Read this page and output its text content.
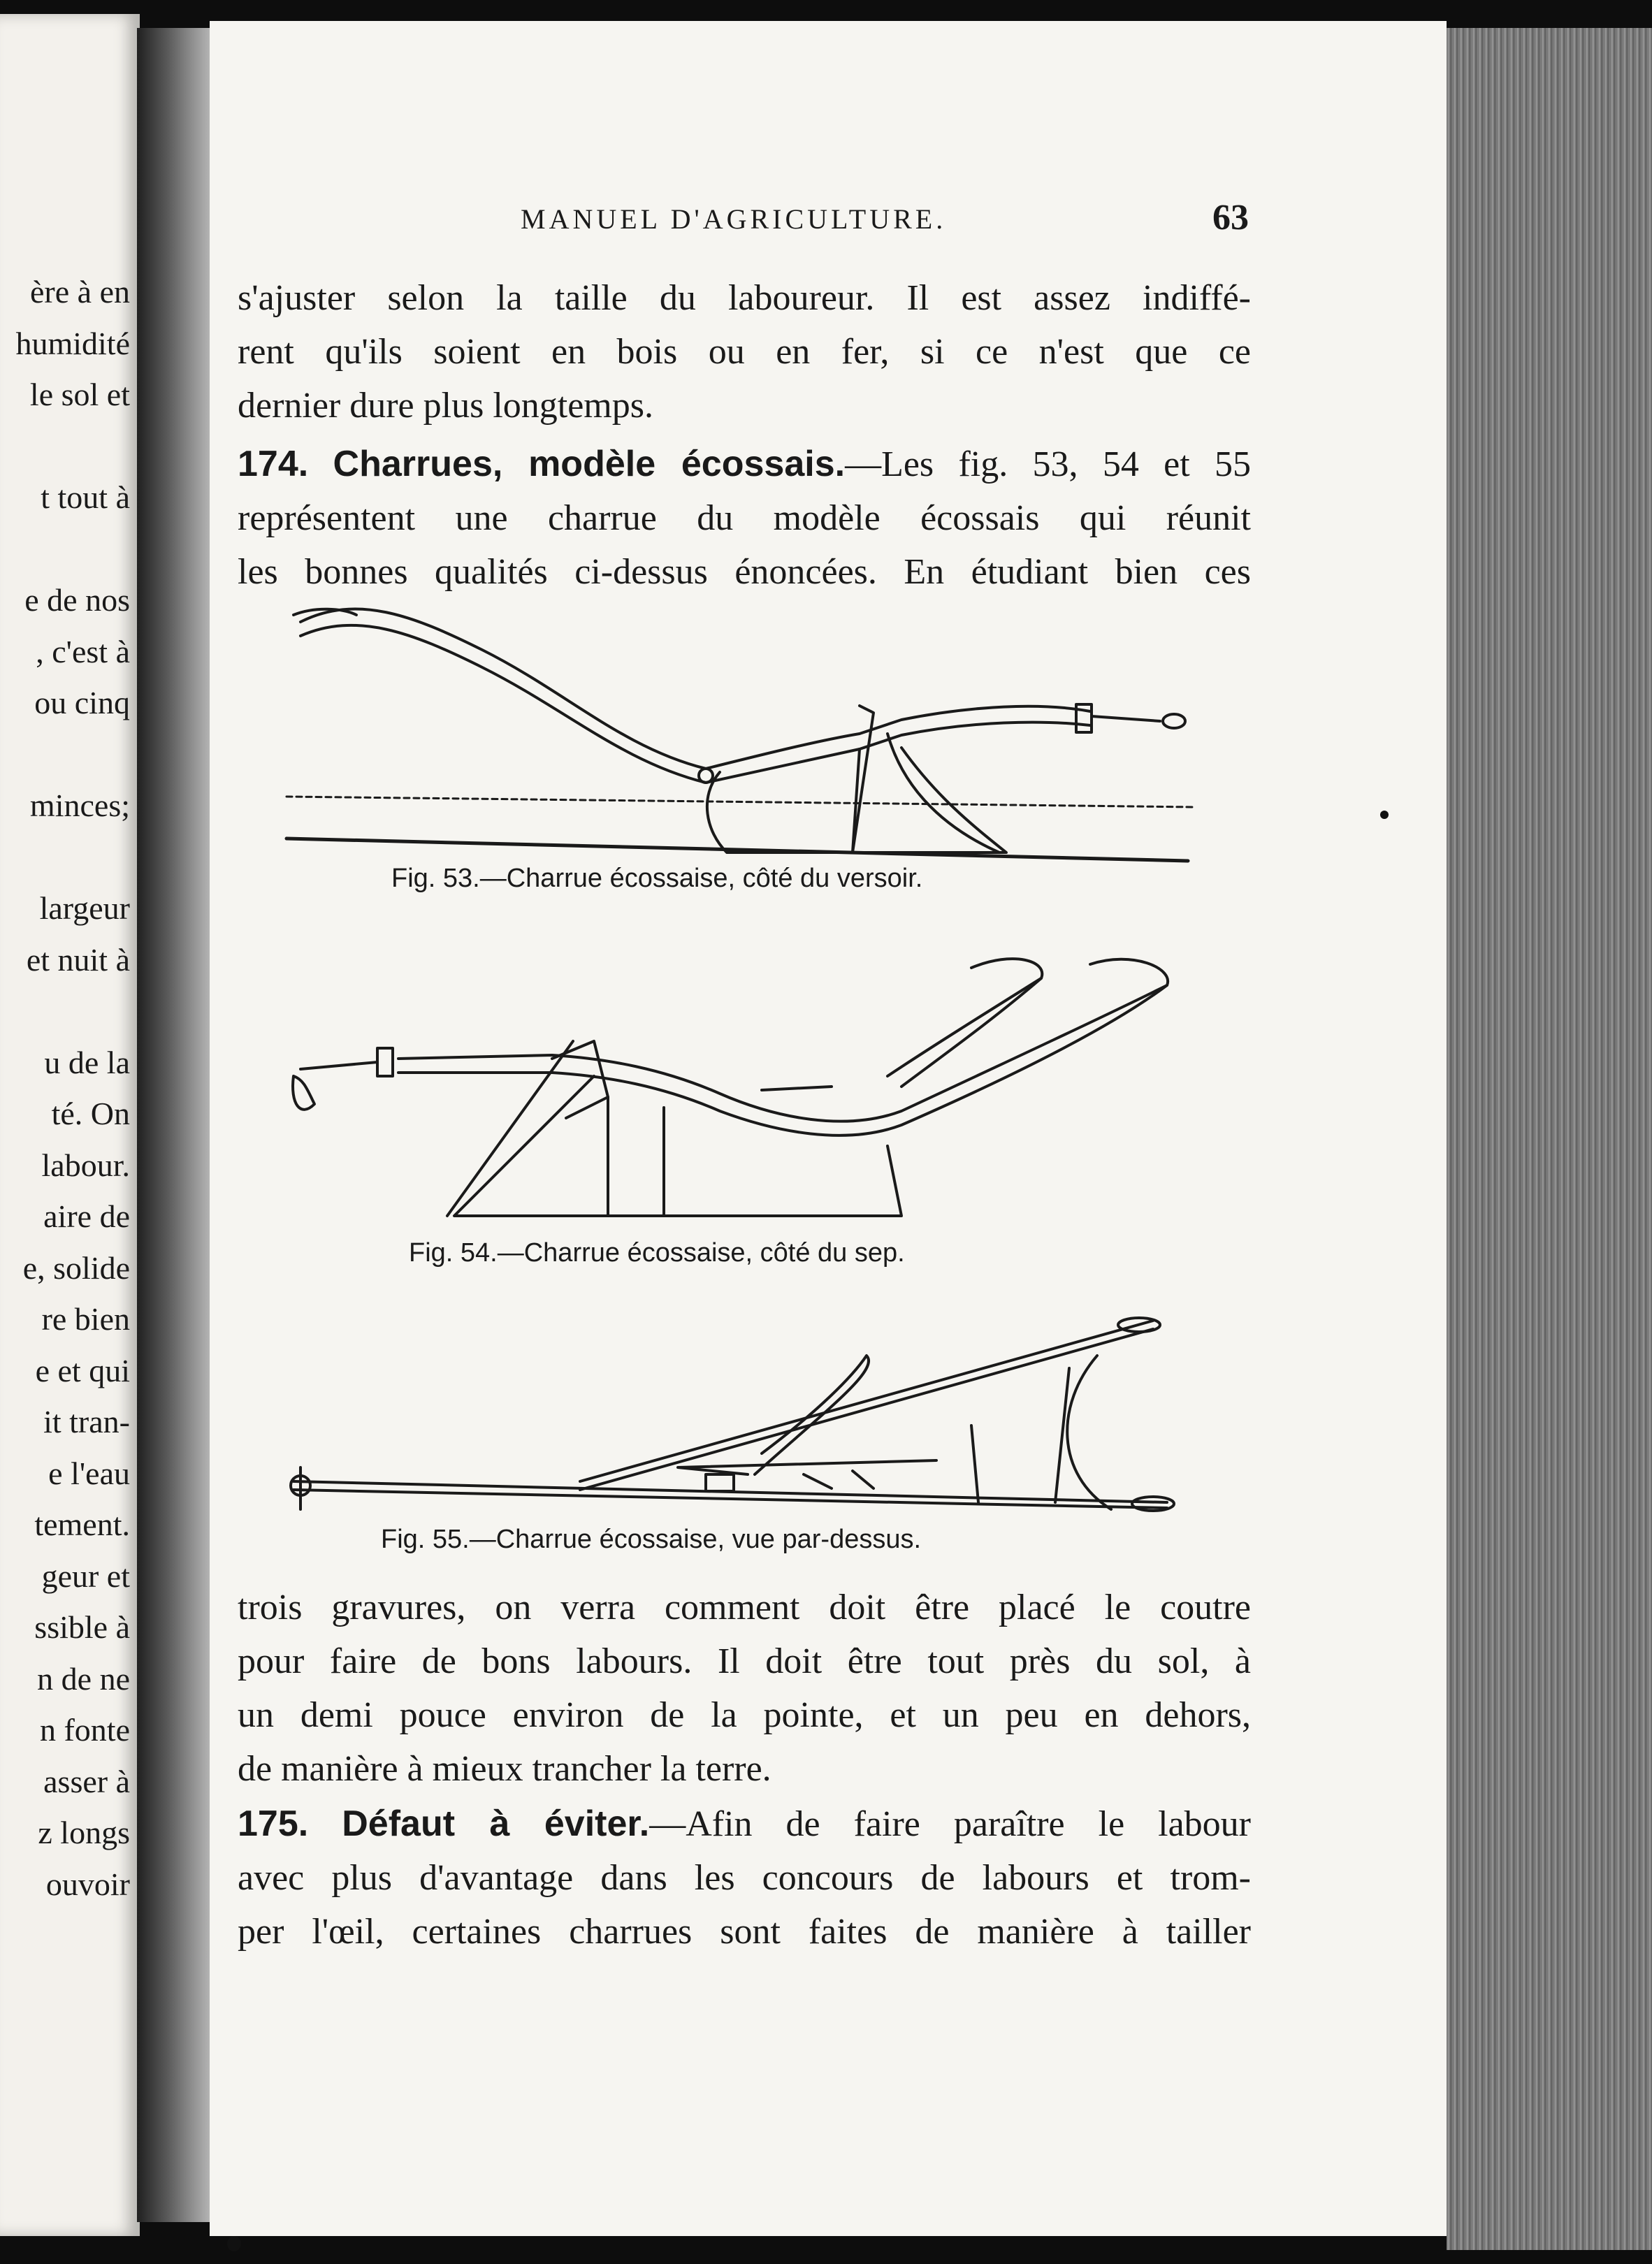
ère à en
humidité
le sol et
t tout à
e de nos
, c'est à
ou cinq
minces;
largeur
et nuit à
u de la
té. On
labour.
aire de
e, solide
re bien
e et qui
it tran-
e l'eau
tement.
geur et
ssible à
n de ne
n fonte
asser à
z longs
ouvoir
MANUEL D'AGRICULTURE.	63
s'ajuster selon la taille du laboureur. Il est assez indiffé-
rent qu'ils soient en bois ou en fer, si ce n'est que ce
dernier dure plus longtemps.
174. Charrues, modèle écossais.—Les fig. 53, 54 et 55
représentent une charrue du modèle écossais qui réunit
les bonnes qualités ci-dessus énoncées. En étudiant bien ces
Fig. 53.—Charrue écossaise, côté du versoir.
Fig. 54.—Charrue écossaise, côté du sep.
Fig. 55.—Charrue écossaise, vue par-dessus.
trois gravures, on verra comment doit être placé le coutre
pour faire de bons labours. Il doit être tout près du sol, à
un demi pouce environ de la pointe, et un peu en dehors,
de manière à mieux trancher la terre.
175. Défaut à éviter.—Afin de faire paraître le labour
avec plus d'avantage dans les concours de labours et trom-
per l'œil, certaines charrues sont faites de manière à tailler
